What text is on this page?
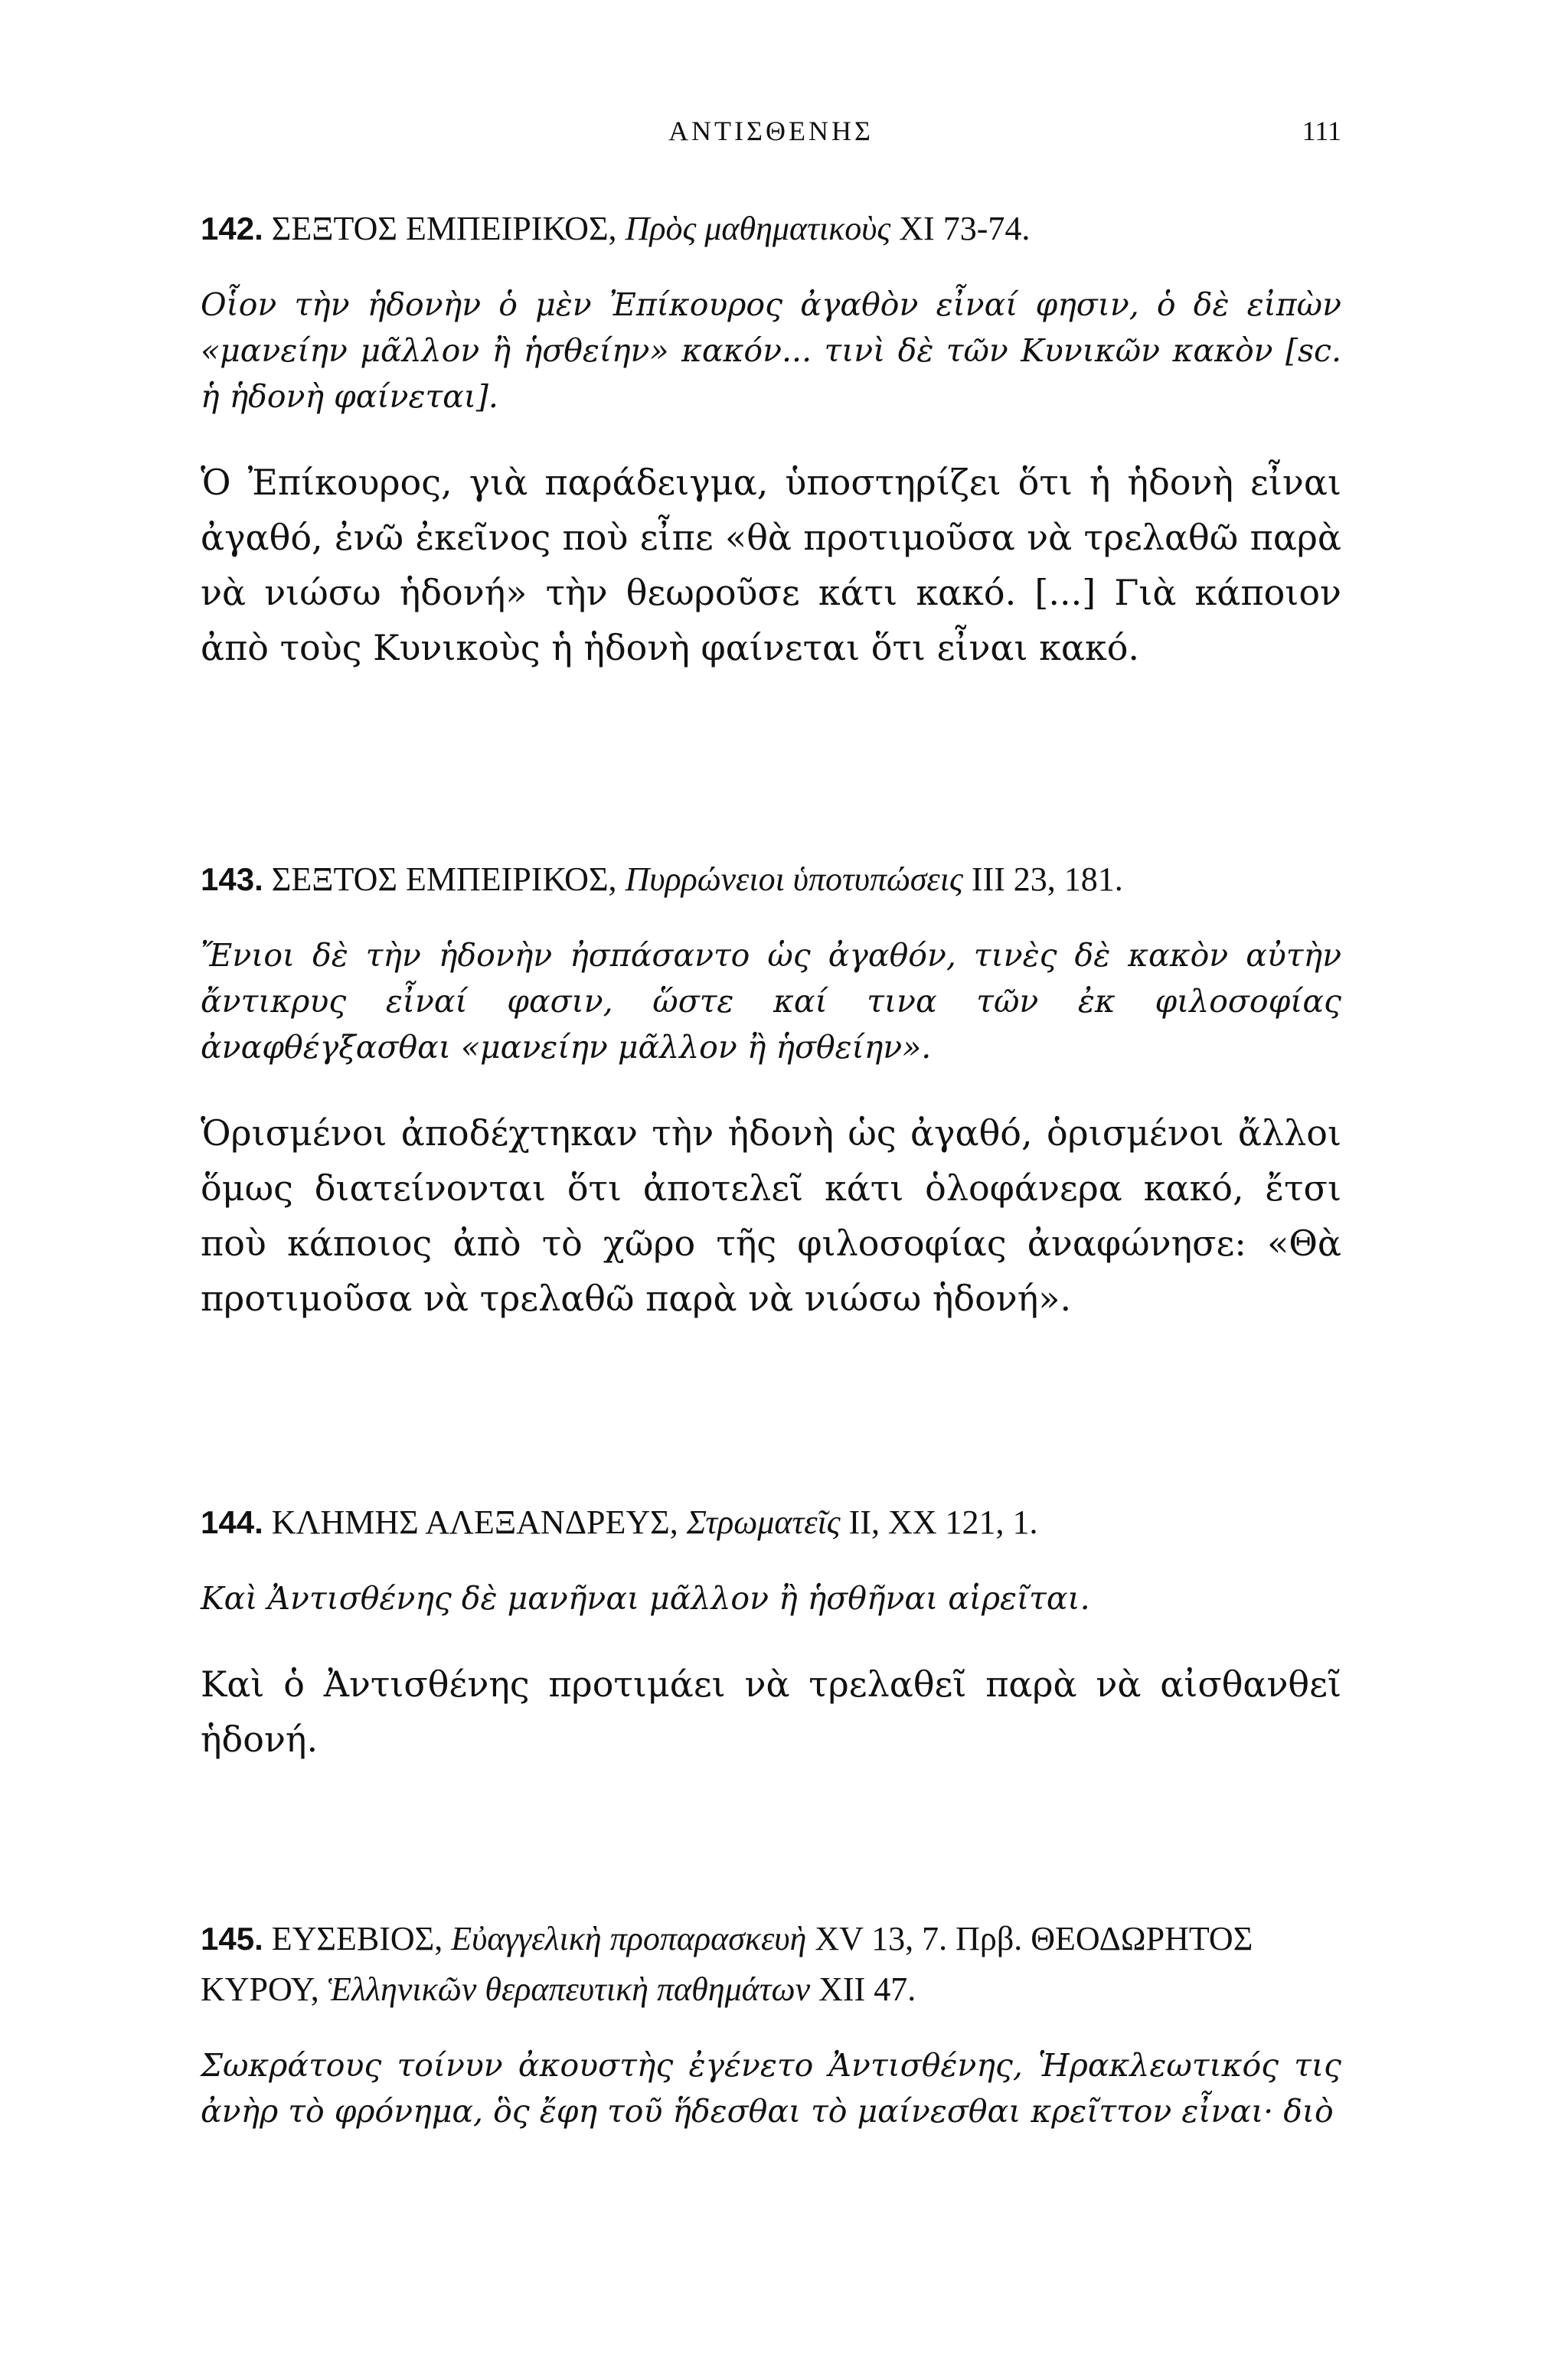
ΑΝΤΙΣΘΕΝΗΣ	111

142. ΣΕΞΤΟΣ ΕΜΠΕΙΡΙΚΟΣ, Πρὸς μαθηματικοὺς XI 73-74.

Οἷον τὴν ἡδονὴν ὁ μὲν Ἐπίκουρος ἀγαθὸν εἶναί φησιν, ὁ δὲ εἰπὼν «μανείην μᾶλλον ἢ ἡσθείην» κακόν... τινὶ δὲ τῶν Κυνικῶν κακὸν [sc. ἡ ἡδονὴ φαίνεται].

Ὁ Ἐπίκουρος, γιὰ παράδειγμα, ὑποστηρίζει ὅτι ἡ ἡδονὴ εἶναι ἀγαθό, ἐνῶ ἐκεῖνος ποὺ εἶπε «θὰ προτιμοῦσα νὰ τρελαθῶ παρὰ νὰ νιώσω ἡδονή» τὴν θεωροῦσε κάτι κακό. [...] Γιὰ κάποιον ἀπὸ τοὺς Κυνικοὺς ἡ ἡδονὴ φαίνεται ὅτι εἶναι κακό.

143. ΣΕΞΤΟΣ ΕΜΠΕΙΡΙΚΟΣ, Πυρρώνειοι ὑποτυπώσεις III 23, 181.

Ἔνιοι δὲ τὴν ἡδονὴν ἠσπάσαντο ὡς ἀγαθόν, τινὲς δὲ κακὸν αὐτὴν ἄντικρυς εἶναί φασιν, ὥστε καί τινα τῶν ἐκ φιλοσοφίας ἀναφθέγξασθαι «μανείην μᾶλλον ἢ ἡσθείην».

Ὁρισμένοι ἀποδέχτηκαν τὴν ἡδονὴ ὡς ἀγαθό, ὁρισμένοι ἄλλοι ὅμως διατείνονται ὅτι ἀποτελεῖ κάτι ὁλοφάνερα κακό, ἔτσι ποὺ κάποιος ἀπὸ τὸ χῶρο τῆς φιλοσοφίας ἀναφώνησε: «Θὰ προτιμοῦσα νὰ τρελαθῶ παρὰ νὰ νιώσω ἡδονή».

144. ΚΛΗΜΗΣ ΑΛΕΞΑΝΔΡΕΥΣ, Στρωματεῖς II, XX 121, 1.

Καὶ Ἀντισθένης δὲ μανῆναι μᾶλλον ἢ ἡσθῆναι αἱρεῖται.

Καὶ ὁ Ἀντισθένης προτιμάει νὰ τρελαθεῖ παρὰ νὰ αἰσθανθεῖ ἡδονή.

145. ΕΥΣΕΒΙΟΣ, Εὐαγγελικὴ προπαρασκευὴ XV 13, 7. Πρβ. ΘΕΟΔΩΡΗΤΟΣ ΚΥΡΟΥ, Ἑλληνικῶν θεραπευτικὴ παθημάτων XII 47.

Σωκράτους τοίνυν ἀκουστὴς ἐγένετο Ἀντισθένης, Ἡρακλεωτικός τις ἀνὴρ τὸ φρόνημα, ὃς ἔφη τοῦ ἥδεσθαι τὸ μαίνεσθαι κρεῖττον εἶναι· διὸ
